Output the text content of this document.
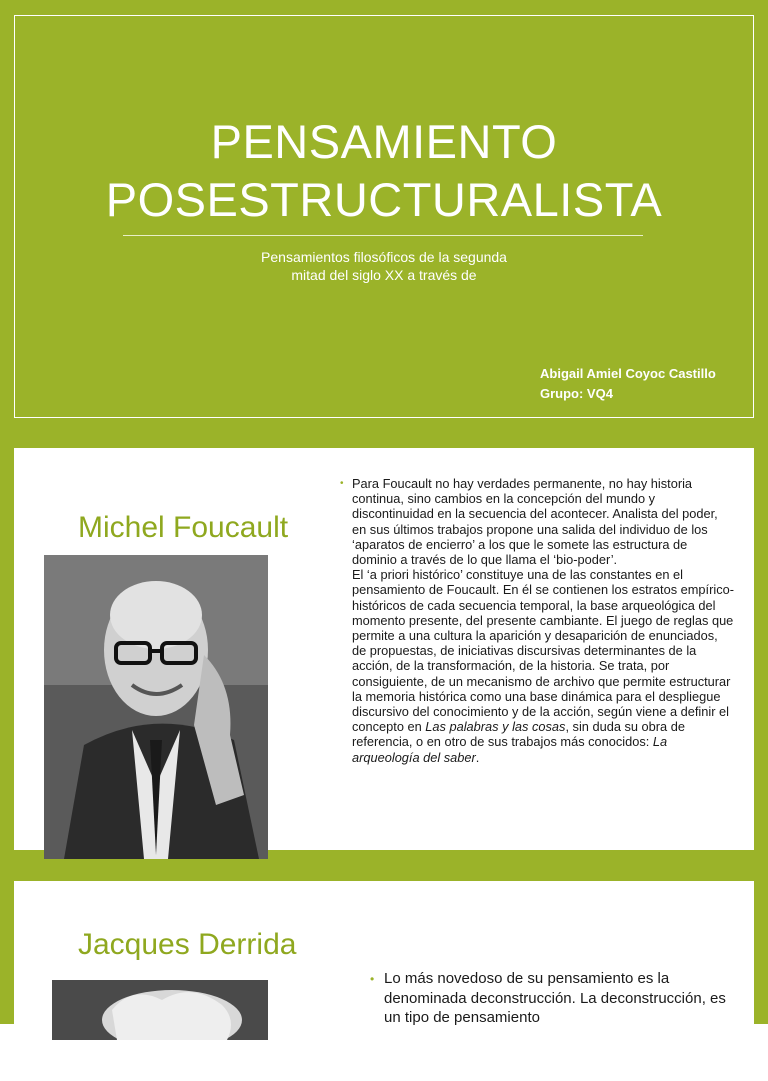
PENSAMIENTO
POSESTRUCTURALISTA
Pensamientos filosóficos de la segunda
mitad del siglo XX a través de
Abigail Amiel Coyoc Castillo
Grupo: VQ4
Michel Foucault
• Para Foucault no hay verdades permanente, no hay historia continua, sino cambios en la concepción del mundo y discontinuidad en la secuencia del acontecer. Analista del poder, en sus últimos trabajos propone una salida del individuo de los ‘aparatos de encierro’ a los que le somete las estructura de dominio a través de lo que llama el ‘bio-poder’.
El ‘a priori histórico’ constituye una de las constantes en el pensamiento de Foucault. En él se contienen los estratos empírico-históricos de cada secuencia temporal, la base arqueológica del momento presente, del presente cambiante. El juego de reglas que permite a una cultura la aparición y desaparición de enunciados, de propuestas, de iniciativas discursivas determinantes de la acción, de la transformación, de la historia. Se trata, por consiguiente, de un mecanismo de archivo que permite estructurar la memoria histórica como una base dinámica para el despliegue discursivo del conocimiento y de la acción, según viene a definir el concepto en Las palabras y las cosas, sin duda su obra de referencia, o en otro de sus trabajos más conocidos: La arqueología del saber.
Jacques Derrida
• Lo más novedoso de su pensamiento es la denominada deconstrucción. La deconstrucción, es un tipo de pensamiento
